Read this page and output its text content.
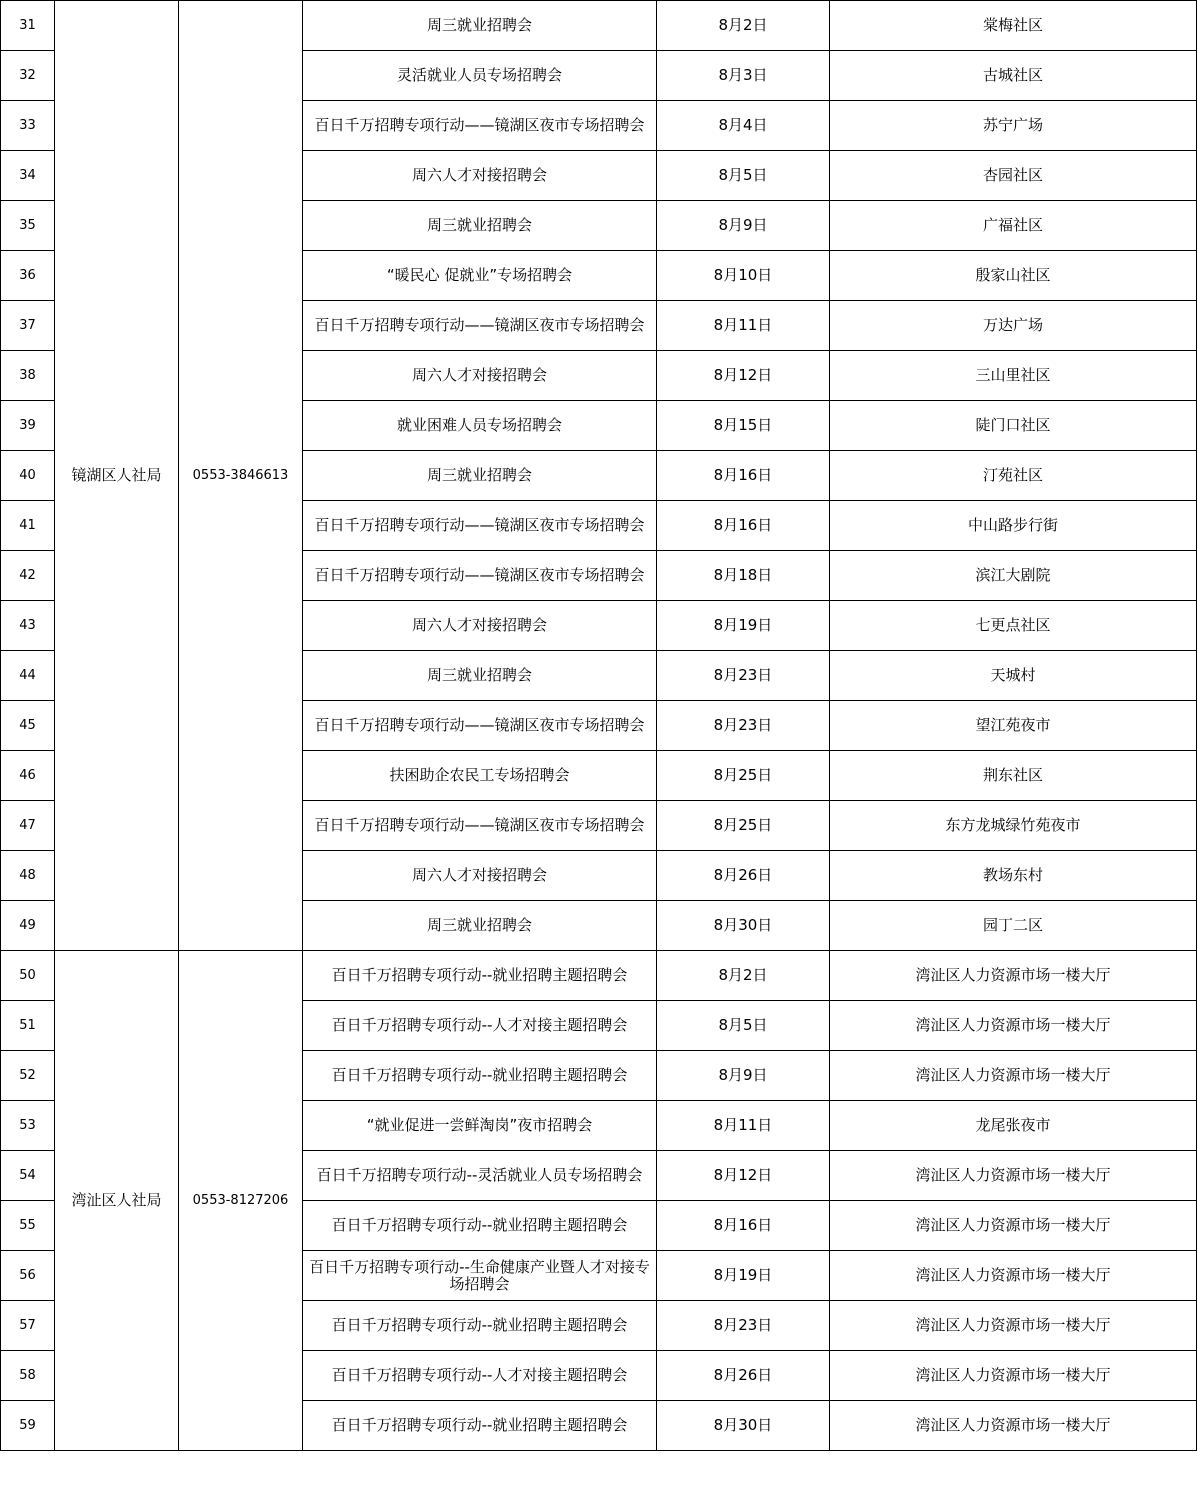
31	镜湖区人社局	0553-3846613	周三就业招聘会	8月2日	棠梅社区
32			灵活就业人员专场招聘会	8月3日	古城社区
33			百日千万招聘专项行动——镜湖区夜市专场招聘会	8月4日	苏宁广场
34			周六人才对接招聘会	8月5日	杏园社区
35			周三就业招聘会	8月9日	广福社区
36			“暖民心 促就业”专场招聘会	8月10日	殷家山社区
37			百日千万招聘专项行动——镜湖区夜市专场招聘会	8月11日	万达广场
38			周六人才对接招聘会	8月12日	三山里社区
39			就业困难人员专场招聘会	8月15日	陡门口社区
40			周三就业招聘会	8月16日	汀苑社区
41			百日千万招聘专项行动——镜湖区夜市专场招聘会	8月16日	中山路步行街
42			百日千万招聘专项行动——镜湖区夜市专场招聘会	8月18日	滨江大剧院
43			周六人才对接招聘会	8月19日	七更点社区
44			周三就业招聘会	8月23日	天城村
45			百日千万招聘专项行动——镜湖区夜市专场招聘会	8月23日	望江苑夜市
46			扶困助企农民工专场招聘会	8月25日	荆东社区
47			百日千万招聘专项行动——镜湖区夜市专场招聘会	8月25日	东方龙城绿竹苑夜市
48			周六人才对接招聘会	8月26日	教场东村
49			周三就业招聘会	8月30日	园丁二区
50	湾沚区人社局	0553-8127206	百日千万招聘专项行动--就业招聘主题招聘会	8月2日	湾沚区人力资源市场一楼大厅
51			百日千万招聘专项行动--人才对接主题招聘会	8月5日	湾沚区人力资源市场一楼大厅
52			百日千万招聘专项行动--就业招聘主题招聘会	8月9日	湾沚区人力资源市场一楼大厅
53			“就业促进一尝鲜淘岗”夜市招聘会	8月11日	龙尾张夜市
54			百日千万招聘专项行动--灵活就业人员专场招聘会	8月12日	湾沚区人力资源市场一楼大厅
55			百日千万招聘专项行动--就业招聘主题招聘会	8月16日	湾沚区人力资源市场一楼大厅
56			百日千万招聘专项行动--生命健康产业暨人才对接专场招聘会	8月19日	湾沚区人力资源市场一楼大厅
57			百日千万招聘专项行动--就业招聘主题招聘会	8月23日	湾沚区人力资源市场一楼大厅
58			百日千万招聘专项行动--人才对接主题招聘会	8月26日	湾沚区人力资源市场一楼大厅
59			百日千万招聘专项行动--就业招聘主题招聘会	8月30日	湾沚区人力资源市场一楼大厅
